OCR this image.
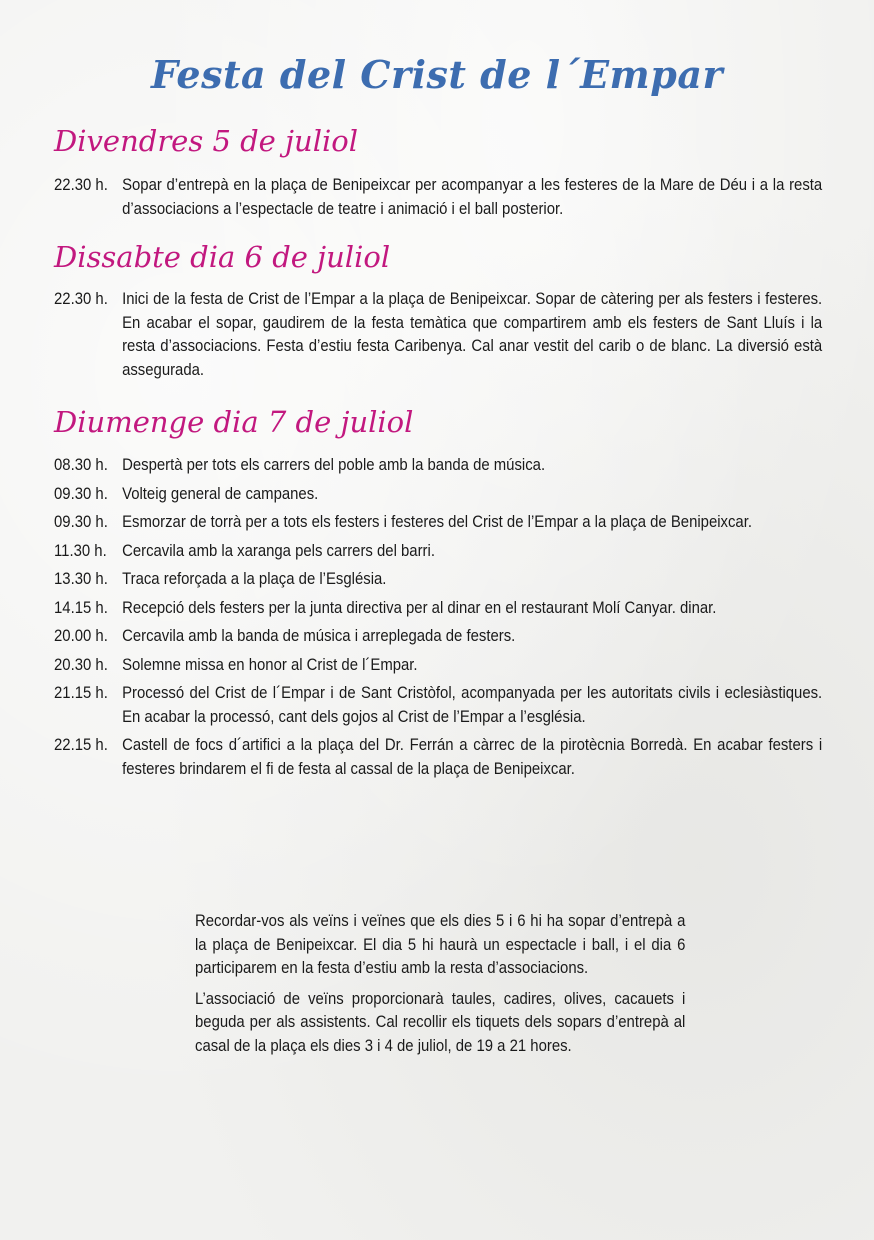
Festa del Crist de l´Empar
Divendres 5 de juliol
22.30 h. Sopar d’entrepà en la plaça de Benipeixcar per acompanyar a les festeres de la Mare de Déu i a la resta d’associacions a l’espectacle de teatre i animació i el ball posterior.
Dissabte dia 6 de juliol
22.30 h. Inici de la festa de Crist de l’Empar a la plaça de Benipeixcar. Sopar de càtering per als festers i festeres. En acabar el sopar, gaudirem de la festa temàtica que compartirem amb els festers de Sant Lluís i la resta d’associacions. Festa d’estiu festa Caribenya. Cal anar vestit del carib o de blanc. La diversió està assegurada.
Diumenge dia 7 de juliol
08.30 h. Despertà per tots els carrers del poble amb la banda de música.
09.30 h. Volteig general de campanes.
09.30 h. Esmorzar de torrà per a tots els festers i festeres del Crist de l’Empar a la plaça de Benipeixcar.
11.30 h. Cercavila amb la xaranga pels carrers del barri.
13.30 h. Traca reforçada a la plaça de l’Església.
14.15 h. Recepció dels festers per la junta directiva per al dinar en el restaurant Molí Canyar. dinar.
20.00 h. Cercavila amb la banda de música i arreplegada de festers.
20.30 h. Solemne missa en honor al Crist de l´Empar.
21.15 h. Processó del Crist de l´Empar i de Sant Cristòfol, acompanyada per les autoritats civils i eclesiàstiques. En acabar la processó, cant dels gojos al Crist de l’Empar a l’església.
22.15 h. Castell de focs d´artifici a la plaça del Dr. Ferrán a càrrec de la pirotècnia Borredà. En acabar festers i festeres brindarem el fi de festa al cassal de la plaça de Benipeixcar.

Recordar-vos als veïns i veïnes que els dies 5 i 6 hi ha sopar d’entrepà a la plaça de Benipeixcar. El dia 5 hi haurà un espectacle i ball, i el dia 6 participarem en la festa d’estiu amb la resta d’associacions.

L’associació de veïns proporcionarà taules, cadires, olives, cacauets i beguda per als assistents. Cal recollir els tiquets dels sopars d’entrepà al casal de la plaça els dies 3 i 4 de juliol, de 19 a 21 hores.
